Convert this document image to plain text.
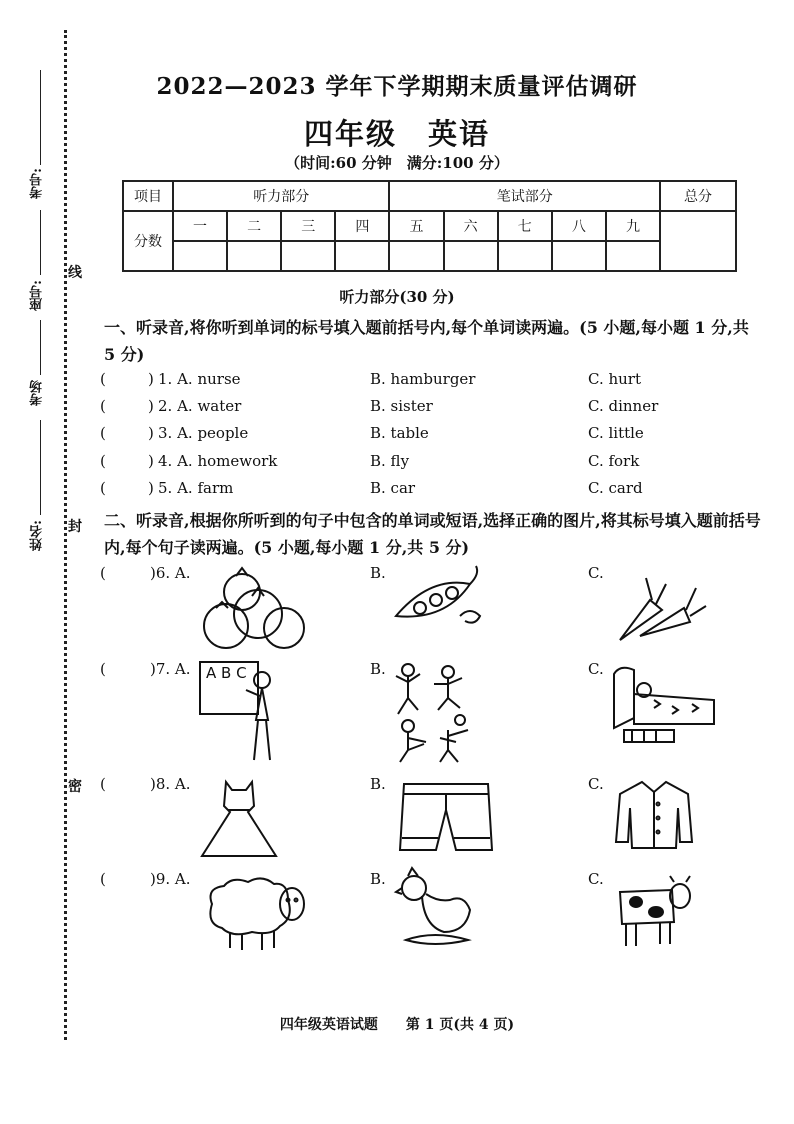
考号:
座号:
考场
姓名:
线
封
密
2022—2023 学年下学期期末质量评估调研
四年级　英语
（时间:60 分钟　满分:100 分）
项目	听力部分				笔试部分					总分
分数	一	二	三	四	五	六	七	八	九	

听力部分(30 分)
一、听录音,将你听到单词的标号填入题前括号内,每个单词读两遍。(5 小题,每小题 1 分,共 5 分)
(	) 1. A. nurse	B. hamburger	C. hurt
(	) 2. A. water	B. sister	C. dinner
(	) 3. A. people	B. table	C. little
(	) 4. A. homework	B. fly	C. fork
(	) 5. A. farm	B. car	C. card
二、听录音,根据你所听到的句子中包含的单词或短语,选择正确的图片,将其标号填入题前括号内,每个句子读两遍。(5 小题,每小题 1 分,共 5 分)
(	)6. A.	B.	C.
(	)7. A.	B.	C.
A B C
(	)8. A.	B.	C.
(	)9. A.	B.	C.
四年级英语试题　　第 1 页(共 4 页)
